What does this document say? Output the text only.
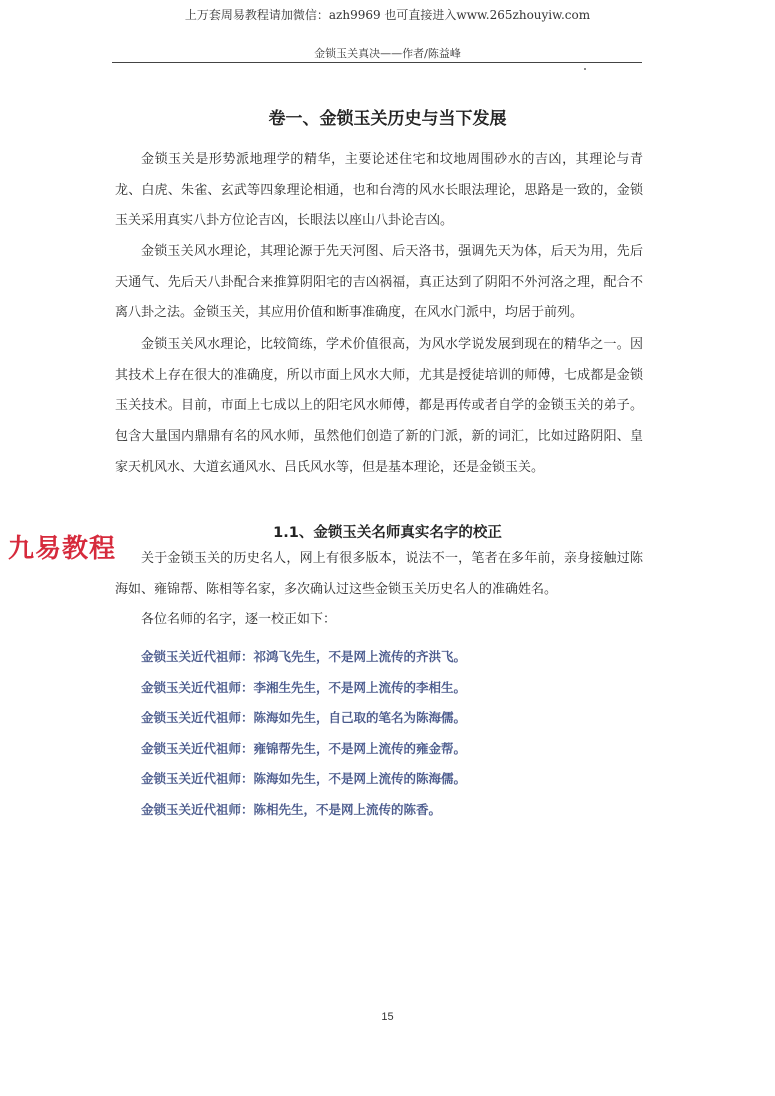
上万套周易教程请加微信：azh9969 也可直接进入www.265zhouyiw.com
金锁玉关真决——作者/陈益峰
卷一、金锁玉关历史与当下发展

金锁玉关是形势派地理学的精华，主要论述住宅和坟地周围砂水的吉凶，其理论与青龙、白虎、朱雀、玄武等四象理论相通，也和台湾的风水长眼法理论，思路是一致的，金锁玉关采用真实八卦方位论吉凶，长眼法以座山八卦论吉凶。

金锁玉关风水理论，其理论源于先天河图、后天洛书，强调先天为体，后天为用，先后天通气、先后天八卦配合来推算阴阳宅的吉凶祸福，真正达到了阴阳不外河洛之理，配合不离八卦之法。金锁玉关，其应用价值和断事准确度，在风水门派中，均居于前列。

金锁玉关风水理论，比较简练，学术价值很高，为风水学说发展到现在的精华之一。因其技术上存在很大的准确度，所以市面上风水大师，尤其是授徒培训的师傅，七成都是金锁玉关技术。目前，市面上七成以上的阳宅风水师傅，都是再传或者自学的金锁玉关的弟子。包含大量国内鼎鼎有名的风水师，虽然他们创造了新的门派，新的词汇，比如过路阴阳、皇家天机风水、大道玄通风水、吕氏风水等，但是基本理论，还是金锁玉关。

1.1、金锁玉关名师真实名字的校正
九易教程	关于金锁玉关的历史名人，网上有很多版本，说法不一，笔者在多年前，亲身接触过陈海如、雍锦帮、陈相等名家，多次确认过这些金锁玉关历史名人的准确姓名。

各位名师的名字，逐一校正如下：

金锁玉关近代祖师：祁鸿飞先生，不是网上流传的齐洪飞。
金锁玉关近代祖师：李湘生先生，不是网上流传的李相生。
金锁玉关近代祖师：陈海如先生，自己取的笔名为陈海儒。
金锁玉关近代祖师：雍锦帮先生，不是网上流传的雍金帮。
金锁玉关近代祖师：陈海如先生，不是网上流传的陈海儒。
金锁玉关近代祖师：陈相先生，不是网上流传的陈香。
15
